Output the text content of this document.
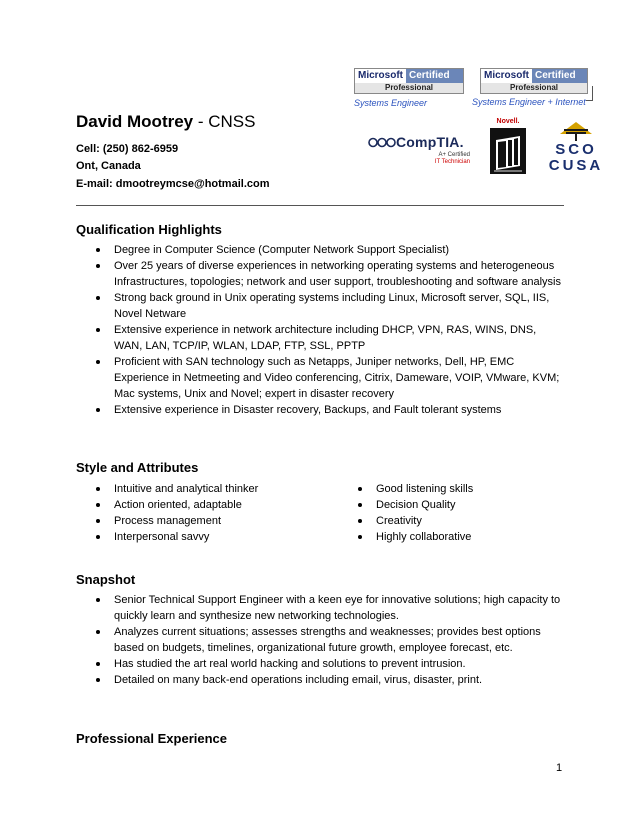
David Mootrey - CNSS
Cell: (250) 862-6959
Ont, Canada
E-mail: dmootreymcse@hotmail.com
Microsoft Certified
Professional
Systems Engineer
Microsoft Certified
Professional
Systems Engineer + Internet
CompTIA.
A+ Certified
IT Technician
Novell.
SCO
CUSA
Qualification Highlights
Degree in Computer Science (Computer Network Support Specialist)
Over 25 years of diverse experiences in networking operating systems and heterogeneous Infrastructures, topologies; network and user support, troubleshooting and software analysis
Strong back ground in Unix operating systems including Linux, Microsoft server, SQL, IIS, Novel Netware
Extensive experience in network architecture including DHCP, VPN, RAS, WINS, DNS, WAN, LAN, TCP/IP, WLAN, LDAP, FTP, SSL, PPTP
Proficient with SAN technology such as Netapps, Juniper networks, Dell, HP, EMC Experience in Netmeeting and Video conferencing, Citrix, Dameware, VOIP, VMware, KVM; Mac systems, Unix and Novel; expert in disaster recovery
Extensive experience in Disaster recovery, Backups, and Fault tolerant systems
Style and Attributes
Intuitive and analytical thinker
Action oriented, adaptable
Process management
Interpersonal savvy
Good listening skills
Decision Quality
Creativity
Highly collaborative
Snapshot
Senior Technical Support Engineer with a keen eye for innovative solutions; high capacity to quickly learn and synthesize new networking technologies.
Analyzes current situations; assesses strengths and weaknesses; provides best options based on budgets, timelines, organizational future growth, employee forecast, etc.
Has studied the art real world hacking and solutions to prevent intrusion.
Detailed on many back-end operations including email, virus, disaster, print.
Professional Experience
1
